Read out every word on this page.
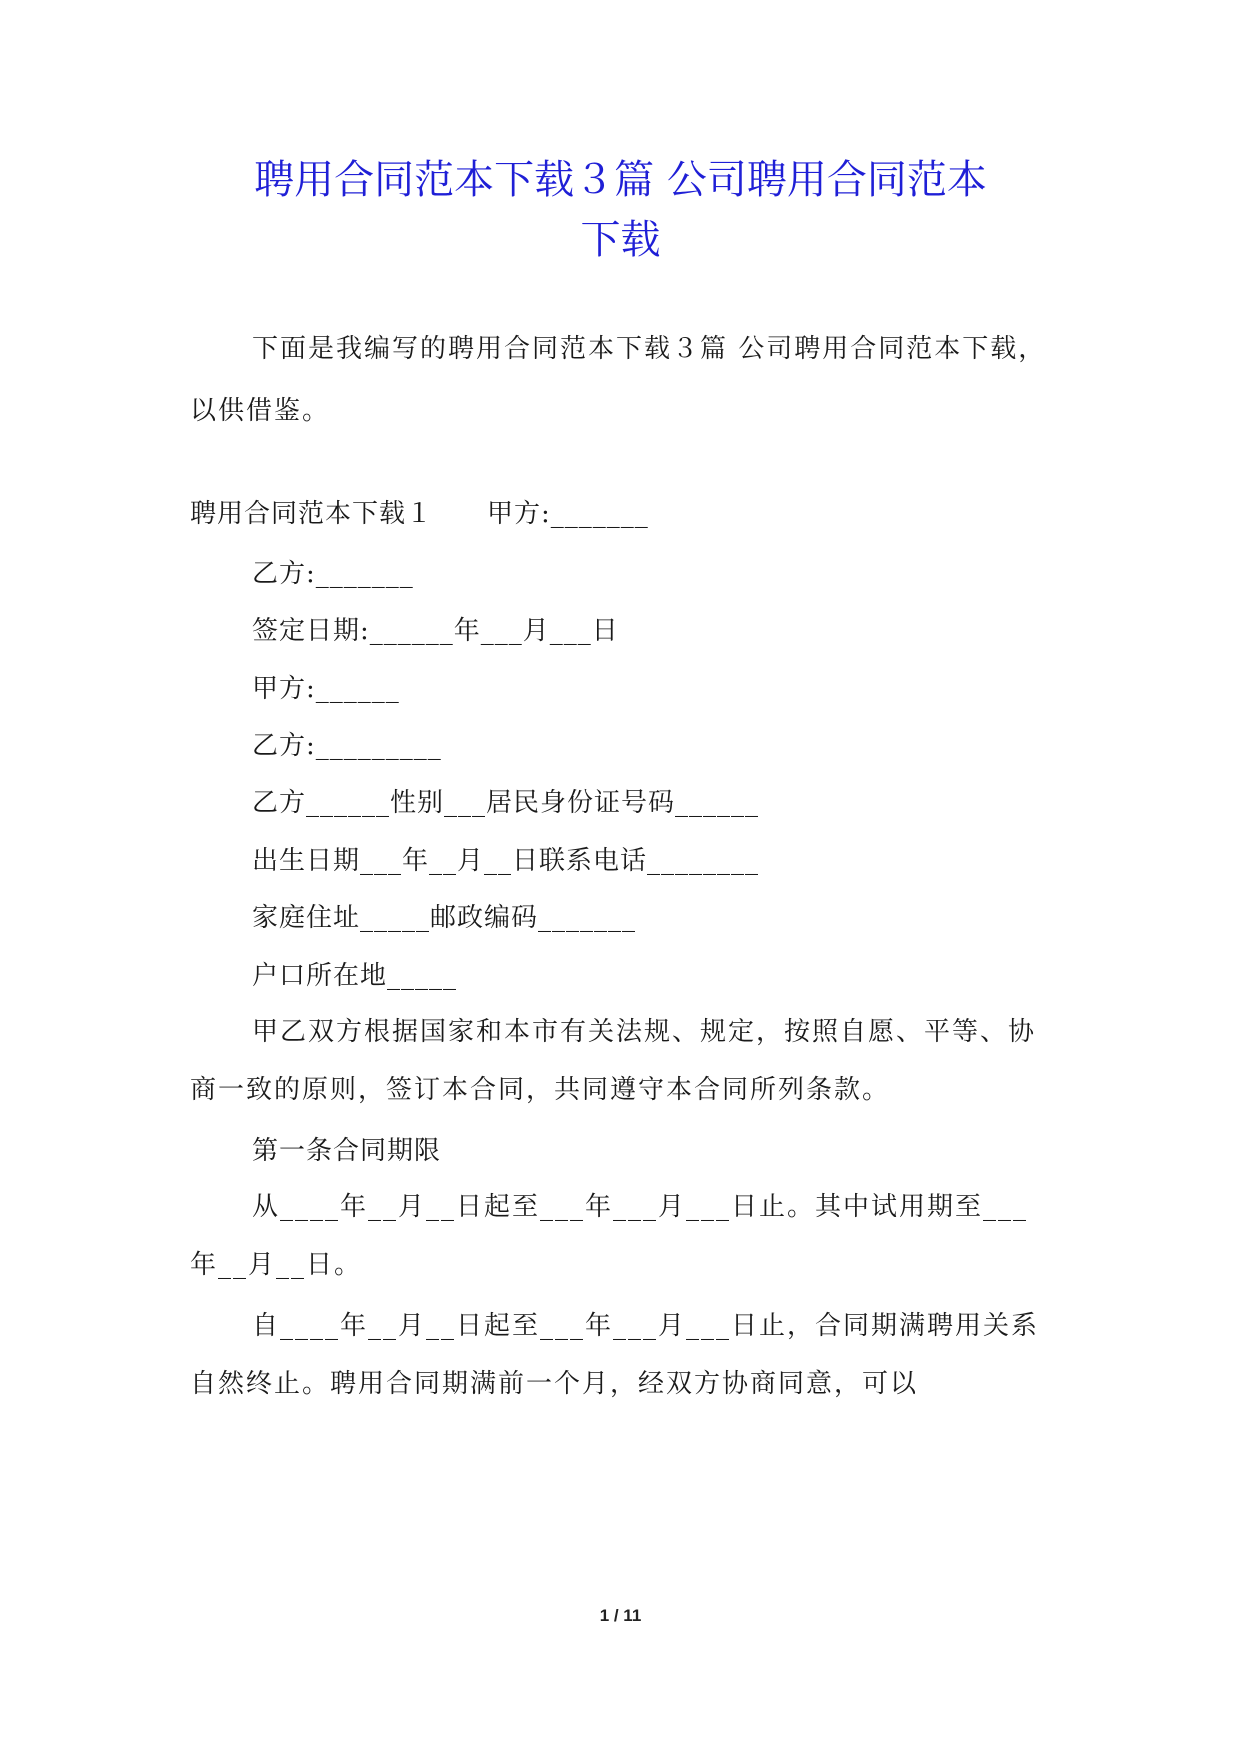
聘用合同范本下载３篇 公司聘用合同范本
下载

下面是我编写的聘用合同范本下载３篇 公司聘用合同范本下载，以供借鉴。

聘用合同范本下载１　　甲方:_______
乙方:_______
签定日期:______年___月___日
甲方:______
乙方:_________
乙方______性别___居民身份证号码______
出生日期___年__月__日联系电话________
家庭住址_____邮政编码_______
户口所在地_____

甲乙双方根据国家和本市有关法规、规定，按照自愿、平等、协商一致的原则，签订本合同，共同遵守本合同所列条款。

第一条合同期限

从____年__月__日起至___年___月___日止。其中试用期至___年__月__日。

自____年__月__日起至___年___月___日止，合同期满聘用关系自然终止。聘用合同期满前一个月，经双方协商同意，可以

1 / 11
